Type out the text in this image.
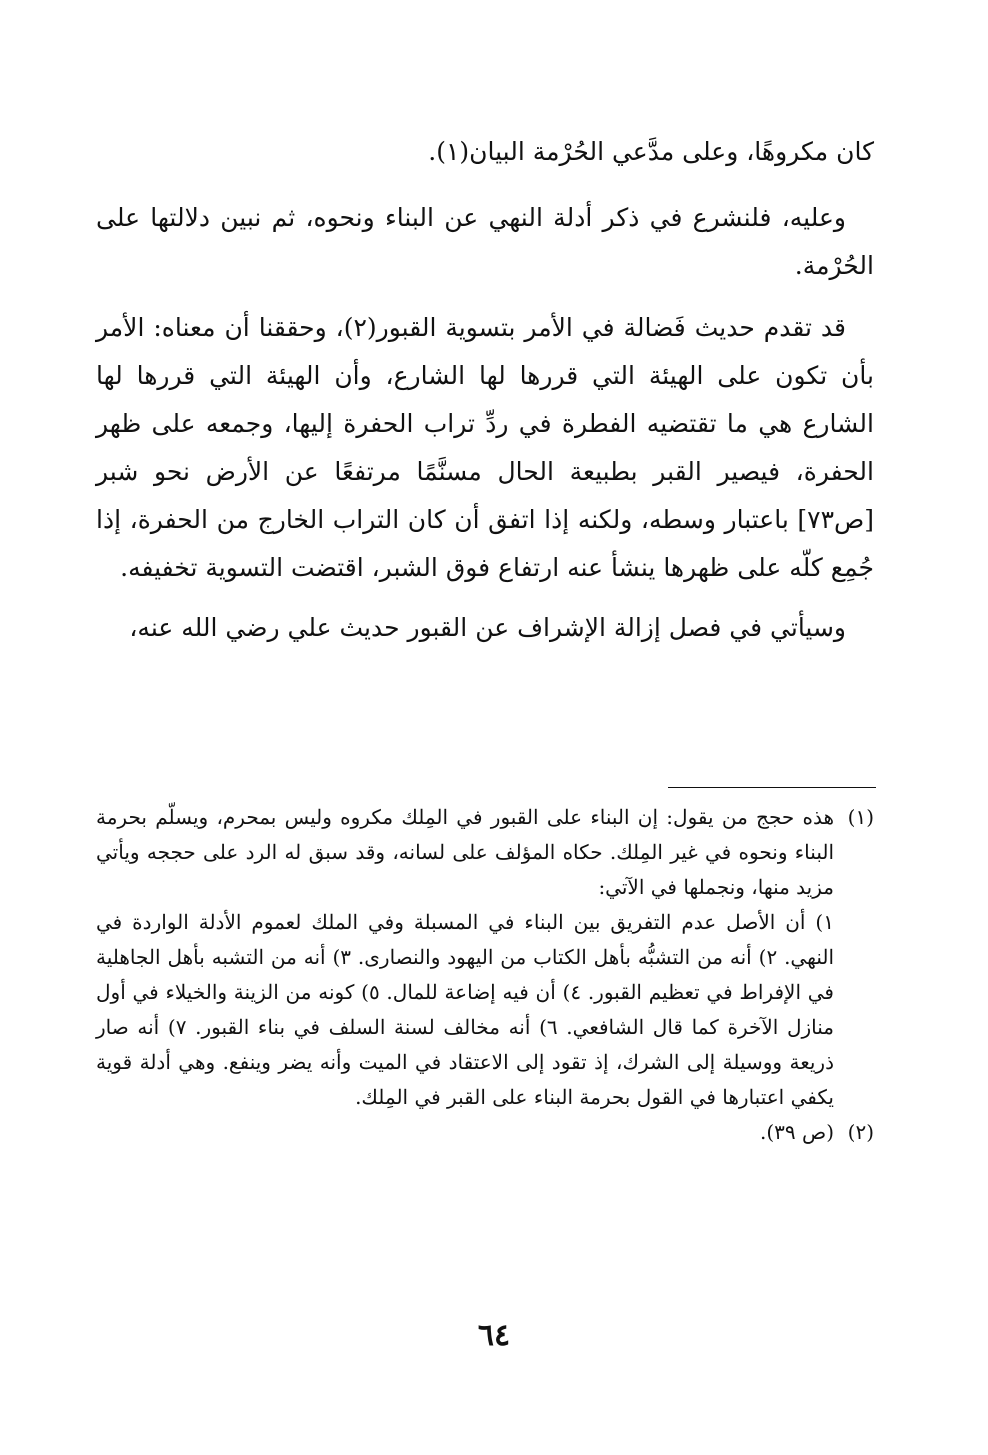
كان مكروهًا، وعلى مدَّعي الحُرْمة البيان(١).

وعليه، فلنشرع في ذكر أدلة النهي عن البناء ونحوه، ثم نبين دلالتها على الحُرْمة.

قد تقدم حديث فَضالة في الأمر بتسوية القبور(٢)، وحققنا أن معناه: الأمر بأن تكون على الهيئة التي قررها لها الشارع، وأن الهيئة التي قررها لها الشارع هي ما تقتضيه الفطرة في ردِّ تراب الحفرة إليها، وجمعه على ظهر الحفرة، فيصير القبر بطبيعة الحال مسنَّمًا مرتفعًا عن الأرض نحو شبر [ص٧٣] باعتبار وسطه، ولكنه إذا اتفق أن كان التراب الخارج من الحفرة، إذا جُمِع كلّه على ظهرها ينشأ عنه ارتفاع فوق الشبر، اقتضت التسوية تخفيفه.

وسيأتي في فصل إزالة الإشراف عن القبور حديث علي رضي الله عنه،

(١)

هذه حجج من يقول: إن البناء على القبور في المِلك مكروه وليس بمحرم، ويسلّم بحرمة البناء ونحوه في غير المِلك. حكاه المؤلف على لسانه، وقد سبق له الرد على حججه ويأتي مزيد منها، ونجملها في الآتي:

١) أن الأصل عدم التفريق بين البناء في المسبلة وفي الملك لعموم الأدلة الواردة في النهي. ٢) أنه من التشبُّه بأهل الكتاب من اليهود والنصارى. ٣) أنه من التشبه بأهل الجاهلية في الإفراط في تعظيم القبور. ٤) أن فيه إضاعة للمال. ٥) كونه من الزينة والخيلاء في أول منازل الآخرة كما قال الشافعي. ٦) أنه مخالف لسنة السلف في بناء القبور. ٧) أنه صار ذريعة ووسيلة إلى الشرك، إذ تقود إلى الاعتقاد في الميت وأنه يضر وينفع. وهي أدلة قوية يكفي اعتبارها في القول بحرمة البناء على القبر في المِلك.

(٢)

(ص ٣٩).

٦٤
